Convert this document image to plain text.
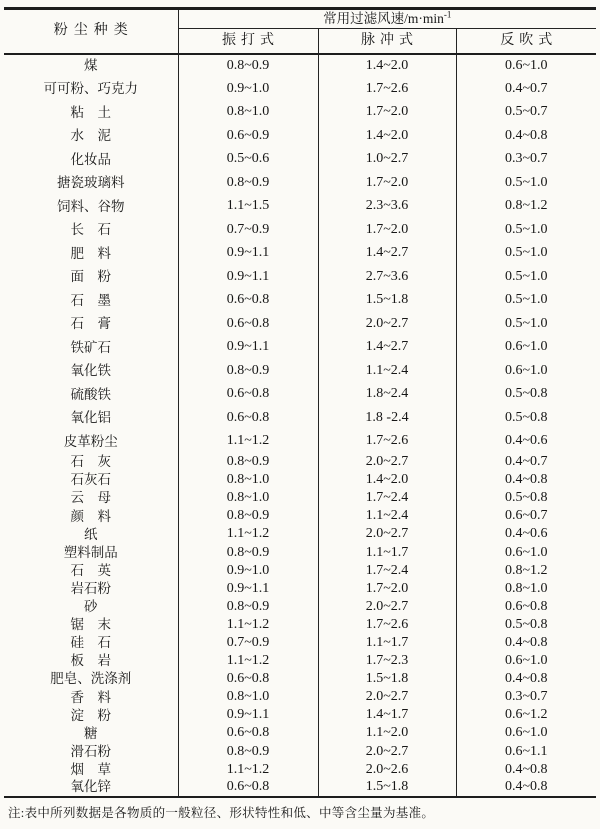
粉尘种类	常用过滤风速$/m\cdot\min^{-1}$
	振打式	脉冲式	反吹式
煤	0.8~0.9	1.4~2.0	0.6~1.0
可可粉、巧克力	0.9~1.0	1.7~2.6	0.4~0.7
粘　土	0.8~1.0	1.7~2.0	0.5~0.7
水　泥	0.6~0.9	1.4~2.0	0.4~0.8
化妆品	0.5~0.6	1.0~2.7	0.3~0.7
搪瓷玻璃料	0.8~0.9	1.7~2.0	0.5~1.0
饲料、谷物	1.1~1.5	2.3~3.6	0.8~1.2
长　石	0.7~0.9	1.7~2.0	0.5~1.0
肥　料	0.9~1.1	1.4~2.7	0.5~1.0
面　粉	0.9~1.1	2.7~3.6	0.5~1.0
石　墨	0.6~0.8	1.5~1.8	0.5~1.0
石　膏	0.6~0.8	2.0~2.7	0.5~1.0
铁矿石	0.9~1.1	1.4~2.7	0.6~1.0
氧化铁	0.8~0.9	1.1~2.4	0.6~1.0
硫酸铁	0.6~0.8	1.8~2.4	0.5~0.8
氧化铝	0.6~0.8	1.8 -2.4	0.5~0.8
皮革粉尘	1.1~1.2	1.7~2.6	0.4~0.6
石　灰	0.8~0.9	2.0~2.7	0.4~0.7
石灰石	0.8~1.0	1.4~2.0	0.4~0.8
云　母	0.8~1.0	1.7~2.4	0.5~0.8
颜　料	0.8~0.9	1.1~2.4	0.6~0.7
纸	1.1~1.2	2.0~2.7	0.4~0.6
塑料制品	0.8~0.9	1.1~1.7	0.6~1.0
石　英	0.9~1.0	1.7~2.4	0.8~1.2
岩石粉	0.9~1.1	1.7~2.0	0.8~1.0
砂	0.8~0.9	2.0~2.7	0.6~0.8
锯　末	1.1~1.2	1.7~2.6	0.5~0.8
硅　石	0.7~0.9	1.1~1.7	0.4~0.8
板　岩	1.1~1.2	1.7~2.3	0.6~1.0
肥皂、洗涤剂	0.6~0.8	1.5~1.8	0.4~0.8
香　料	0.8~1.0	2.0~2.7	0.3~0.7
淀　粉	0.9~1.1	1.4~1.7	0.6~1.2
糖	0.6~0.8	1.1~2.0	0.6~1.0
滑石粉	0.8~0.9	2.0~2.7	0.6~1.1
烟　草	1.1~1.2	2.0~2.6	0.4~0.8
氧化锌	0.6~0.8	1.5~1.8	0.4~0.8
注:表中所列数据是各物质的一般粒径、形状特性和低、中等含尘量为基准。
